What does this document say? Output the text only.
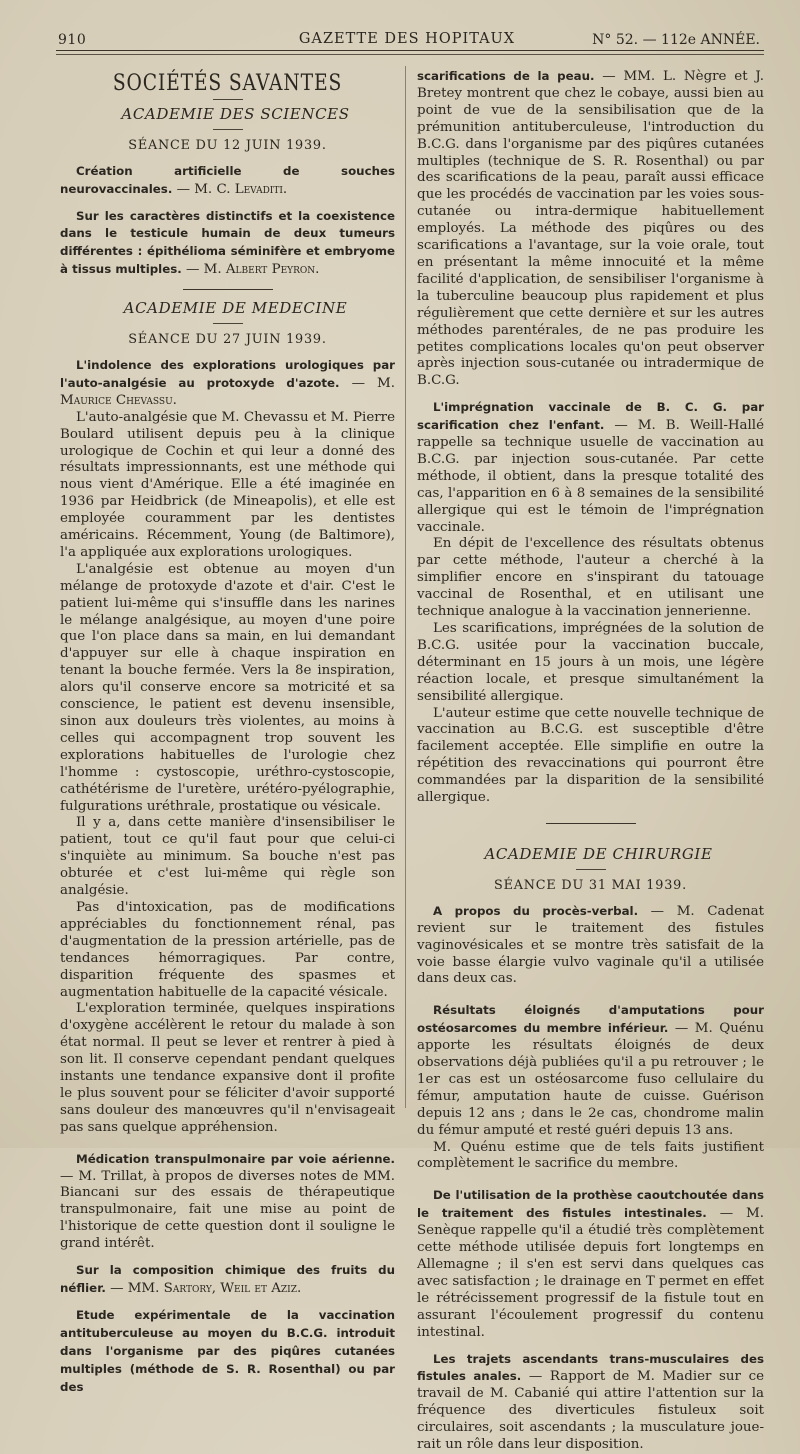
910	GAZETTE DES HOPITAUX	N° 52. — 112e ANNÉE.
SOCIÉTÉS SAVANTES

ACADEMIE DES SCIENCES

SÉANCE DU 12 JUIN 1939.

Création artificielle de souches neurovaccinales. — M. C. Levaditi.

Sur les caractères distinctifs et la coexistence dans le testicule humain de deux tumeurs différentes : épithélioma séminifère et embryome à tissus multiples. — M. Albert Peyron.

ACADEMIE DE MEDECINE

SÉANCE DU 27 JUIN 1939.

L'indolence des explorations urologiques par l'auto-analgésie au protoxyde d'azote. — M. Maurice Chevassu.

L'auto-analgésie que M. Chevassu et M. Pierre Boulard utilisent depuis peu à la clinique urologique de Cochin et qui leur a donné des résultats impressionnants, est une méthode qui nous vient d'Amérique. Elle a été imaginée en 1936 par Heidbrick (de Mineapolis), et elle est employée couramment par les dentistes américains. Récemment, Young (de Baltimore), l'a appliquée aux explorations urologiques.

L'analgésie est obtenue au moyen d'un mélange de protoxyde d'azote et d'air. C'est le patient lui-même qui s'insuffle dans les narines le mélange analgésique, au moyen d'une poire que l'on place dans sa main, en lui demandant d'appuyer sur elle à chaque inspiration en tenant la bouche fermée. Vers la 8e inspiration, alors qu'il conserve encore sa motricité et sa conscience, le patient est devenu insensible, sinon aux douleurs très violentes, au moins à celles qui accompagnent trop souvent les explorations habituelles de l'urologie chez l'homme : cystoscopie, uréthro-cystoscopie, cathétérisme de l'uretère, urétéro-pyélographie, fulgurations uréthrale, prostatique ou vésicale.

Il y a, dans cette manière d'insensibiliser le patient, tout ce qu'il faut pour que celui-ci s'inquiète au minimum. Sa bouche n'est pas obturée et c'est lui-même qui règle son analgésie.

Pas d'intoxication, pas de modifications appréciables du fonctionnement rénal, pas d'augmentation de la pression artérielle, pas de tendances hémorragiques. Par contre, disparition fréquente des spasmes et augmentation habituelle de la capacité vésicale.

L'exploration terminée, quelques inspirations d'oxygène accélèrent le retour du malade à son état normal. Il peut se lever et rentrer à pied à son lit. Il conserve cependant pendant quelques instants une tendance expansive dont il profite le plus souvent pour se féliciter d'avoir supporté sans douleur des manœuvres qu'il n'envisageait pas sans quelque appréhension.

Médication transpulmonaire par voie aérienne. — M. Trillat, à propos de diverses notes de MM. Biancani sur des essais de thérapeutique transpulmonaire, fait une mise au point de l'historique de cette question dont il souligne le grand intérêt.

Sur la composition chimique des fruits du néflier. — MM. Sartory, Weil et Aziz.

Etude expérimentale de la vaccination antituberculeuse au moyen du B.C.G. introduit dans l'organisme par des piqûres cutanées multiples (méthode de S. R. Rosenthal) ou par des

scarifications de la peau. — MM. L. Nègre et J. Bretey montrent que chez le cobaye, aussi bien au point de vue de la sensibilisation que de la prémunition antituberculeuse, l'introduction du B.C.G. dans l'organisme par des piqûres cutanées multiples (technique de S. R. Rosenthal) ou par des scarifications de la peau, paraît aussi efficace que les procédés de vaccination par les voies sous-cutanée ou intra-dermique habituellement employés. La méthode des piqûres ou des scarifications a l'avantage, sur la voie orale, tout en présentant la même innocuité et la même facilité d'application, de sensibiliser l'organisme à la tuberculine beaucoup plus rapidement et plus régulièrement que cette dernière et sur les autres méthodes parentérales, de ne pas produire les petites complications locales qu'on peut observer après injection sous-cutanée ou intradermique de B.C.G.

L'imprégnation vaccinale de B. C. G. par scarification chez l'enfant. — M. B. Weill-Hallé rappelle sa technique usuelle de vaccination au B.C.G. par injection sous-cutanée. Par cette méthode, il obtient, dans la presque totalité des cas, l'apparition en 6 à 8 semaines de la sensibilité allergique qui est le témoin de l'imprégnation vaccinale.

En dépit de l'excellence des résultats obtenus par cette méthode, l'auteur a cherché à la simplifier encore en s'inspirant du tatouage vaccinal de Rosenthal, et en utilisant une technique analogue à la vaccination jennerienne.

Les scarifications, imprégnées de la solution de B.C.G. usitée pour la vaccination buccale, déterminant en 15 jours à un mois, une légère réaction locale, et presque simultanément la sensibilité allergique.

L'auteur estime que cette nouvelle technique de vaccination au B.C.G. est susceptible d'être facilement acceptée. Elle simplifie en outre la répétition des revaccinations qui pourront être commandées par la disparition de la sensibilité allergique.

ACADEMIE DE CHIRURGIE

SÉANCE DU 31 MAI 1939.

A propos du procès-verbal. — M. Cadenat revient sur le traitement des fistules vaginovésicales et se montre très satisfait de la voie basse élargie vulvo vaginale qu'il a utilisée dans deux cas.

Résultats éloignés d'amputations pour ostéosarcomes du membre inférieur. — M. Quénu apporte les résultats éloignés de deux observations déjà publiées qu'il a pu retrouver ; le 1er cas est un ostéosarcome fuso cellulaire du fémur, amputation haute de cuisse. Guérison depuis 12 ans ; dans le 2e cas, chondrome malin du fémur amputé et resté guéri depuis 13 ans.

M. Quénu estime que de tels faits justifient complètement le sacrifice du membre.

De l'utilisation de la prothèse caoutchoutée dans le traitement des fistules intestinales. — M. Senèque rappelle qu'il a étudié très complètement cette méthode utilisée depuis fort longtemps en Allemagne ; il s'en est servi dans quelques cas avec satisfaction ; le drainage en T permet en effet le rétrécissement progressif de la fistule tout en assurant l'écoulement progressif du contenu intestinal.

Les trajets ascendants trans-musculaires des fistules anales. — Rapport de M. Madier sur ce travail de M. Cabanié qui attire l'attention sur la fréquence des diverticules fistuleux soit circulaires, soit ascendants ; la musculature joue-rait un rôle dans leur disposition.
